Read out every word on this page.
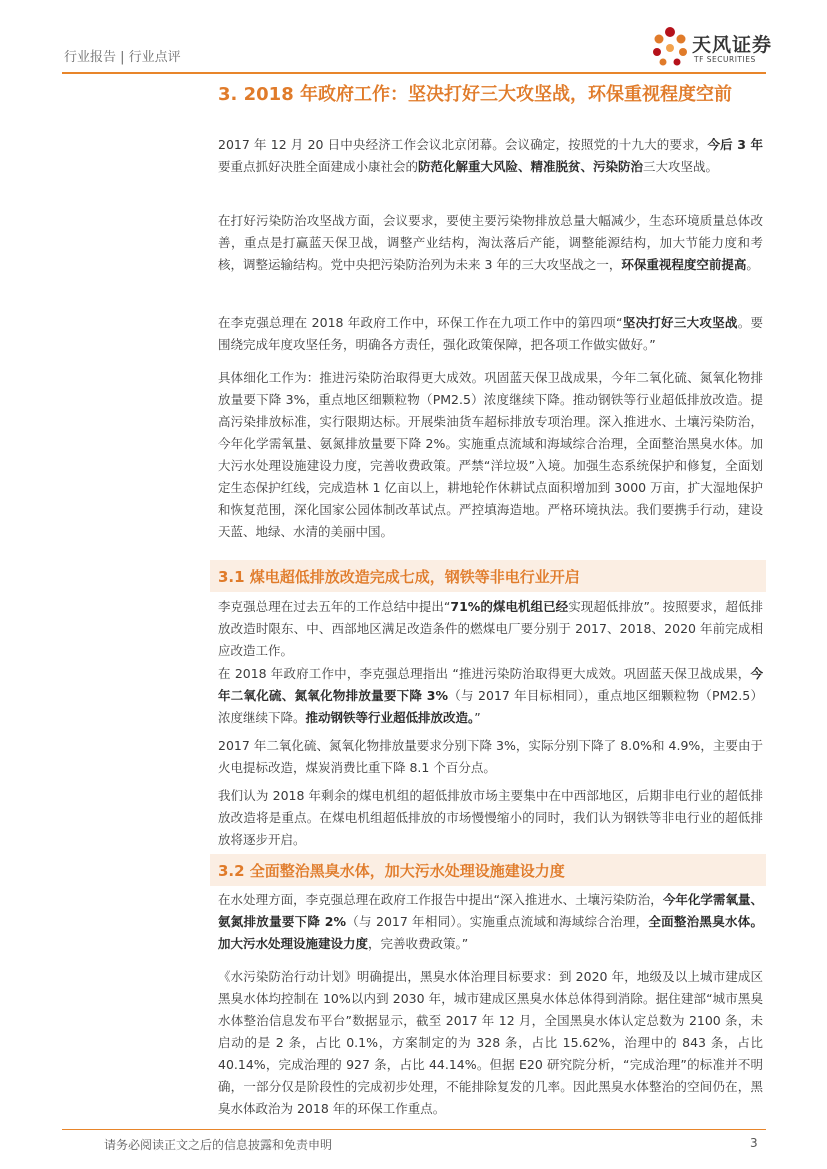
行业报告 | 行业点评
天风证券
TF SECURITIES
3. 2018 年政府工作：坚决打好三大攻坚战，环保重视程度空前

2017 年 12 月 20 日中央经济工作会议北京闭幕。会议确定，按照党的十九大的要求，今后 3 年要重点抓好决胜全面建成小康社会的防范化解重大风险、精准脱贫、污染防治三大攻坚战。

在打好污染防治攻坚战方面，会议要求，要使主要污染物排放总量大幅减少，生态环境质量总体改善，重点是打赢蓝天保卫战，调整产业结构，淘汰落后产能，调整能源结构，加大节能力度和考核，调整运输结构。党中央把污染防治列为未来 3 年的三大攻坚战之一，环保重视程度空前提高。

在李克强总理在 2018 年政府工作中，环保工作在九项工作中的第四项“坚决打好三大攻坚战。要围绕完成年度攻坚任务，明确各方责任，强化政策保障，把各项工作做实做好。”

具体细化工作为：推进污染防治取得更大成效。巩固蓝天保卫战成果，今年二氧化硫、氮氧化物排放量要下降 3%，重点地区细颗粒物（PM2.5）浓度继续下降。推动钢铁等行业超低排放改造。提高污染排放标准，实行限期达标。开展柴油货车超标排放专项治理。深入推进水、土壤污染防治，今年化学需氧量、氨氮排放量要下降 2%。实施重点流域和海域综合治理，全面整治黑臭水体。加大污水处理设施建设力度，完善收费政策。严禁“洋垃圾”入境。加强生态系统保护和修复，全面划定生态保护红线，完成造林 1 亿亩以上，耕地轮作休耕试点面积增加到 3000 万亩，扩大湿地保护和恢复范围，深化国家公园体制改革试点。严控填海造地。严格环境执法。我们要携手行动，建设天蓝、地绿、水清的美丽中国。

3.1 煤电超低排放改造完成七成，钢铁等非电行业开启

李克强总理在过去五年的工作总结中提出“71%的煤电机组已经实现超低排放”。按照要求，超低排放改造时限东、中、西部地区满足改造条件的燃煤电厂要分别于 2017、2018、2020 年前完成相应改造工作。

在 2018 年政府工作中，李克强总理指出 “推进污染防治取得更大成效。巩固蓝天保卫战成果，今年二氧化硫、氮氧化物排放量要下降 3%（与 2017 年目标相同），重点地区细颗粒物（PM2.5）浓度继续下降。推动钢铁等行业超低排放改造。”

2017 年二氧化硫、氮氧化物排放量要求分别下降 3%，实际分别下降了 8.0%和 4.9%，主要由于火电提标改造，煤炭消费比重下降 8.1 个百分点。

我们认为 2018 年剩余的煤电机组的超低排放市场主要集中在中西部地区，后期非电行业的超低排放改造将是重点。在煤电机组超低排放的市场慢慢缩小的同时，我们认为钢铁等非电行业的超低排放将逐步开启。

3.2 全面整治黑臭水体，加大污水处理设施建设力度

在水处理方面，李克强总理在政府工作报告中提出“深入推进水、土壤污染防治，今年化学需氧量、氨氮排放量要下降 2%（与 2017 年相同）。实施重点流域和海域综合治理，全面整治黑臭水体。加大污水处理设施建设力度，完善收费政策。”

《水污染防治行动计划》明确提出，黑臭水体治理目标要求：到 2020 年，地级及以上城市建成区黑臭水体均控制在 10%以内到 2030 年，城市建成区黑臭水体总体得到消除。据住建部“城市黑臭水体整治信息发布平台”数据显示，截至 2017 年 12 月，全国黑臭水体认定总数为 2100 条，未启动的是 2 条，占比 0.1%，方案制定的为 328 条，占比 15.62%，治理中的 843 条，占比 40.14%，完成治理的 927 条，占比 44.14%。但据 E20 研究院分析，“完成治理”的标准并不明确，一部分仅是阶段性的完成初步处理，不能排除复发的几率。因此黑臭水体整治的空间仍在，黑臭水体政治为 2018 年的环保工作重点。

请务必阅读正文之后的信息披露和免责申明	3
